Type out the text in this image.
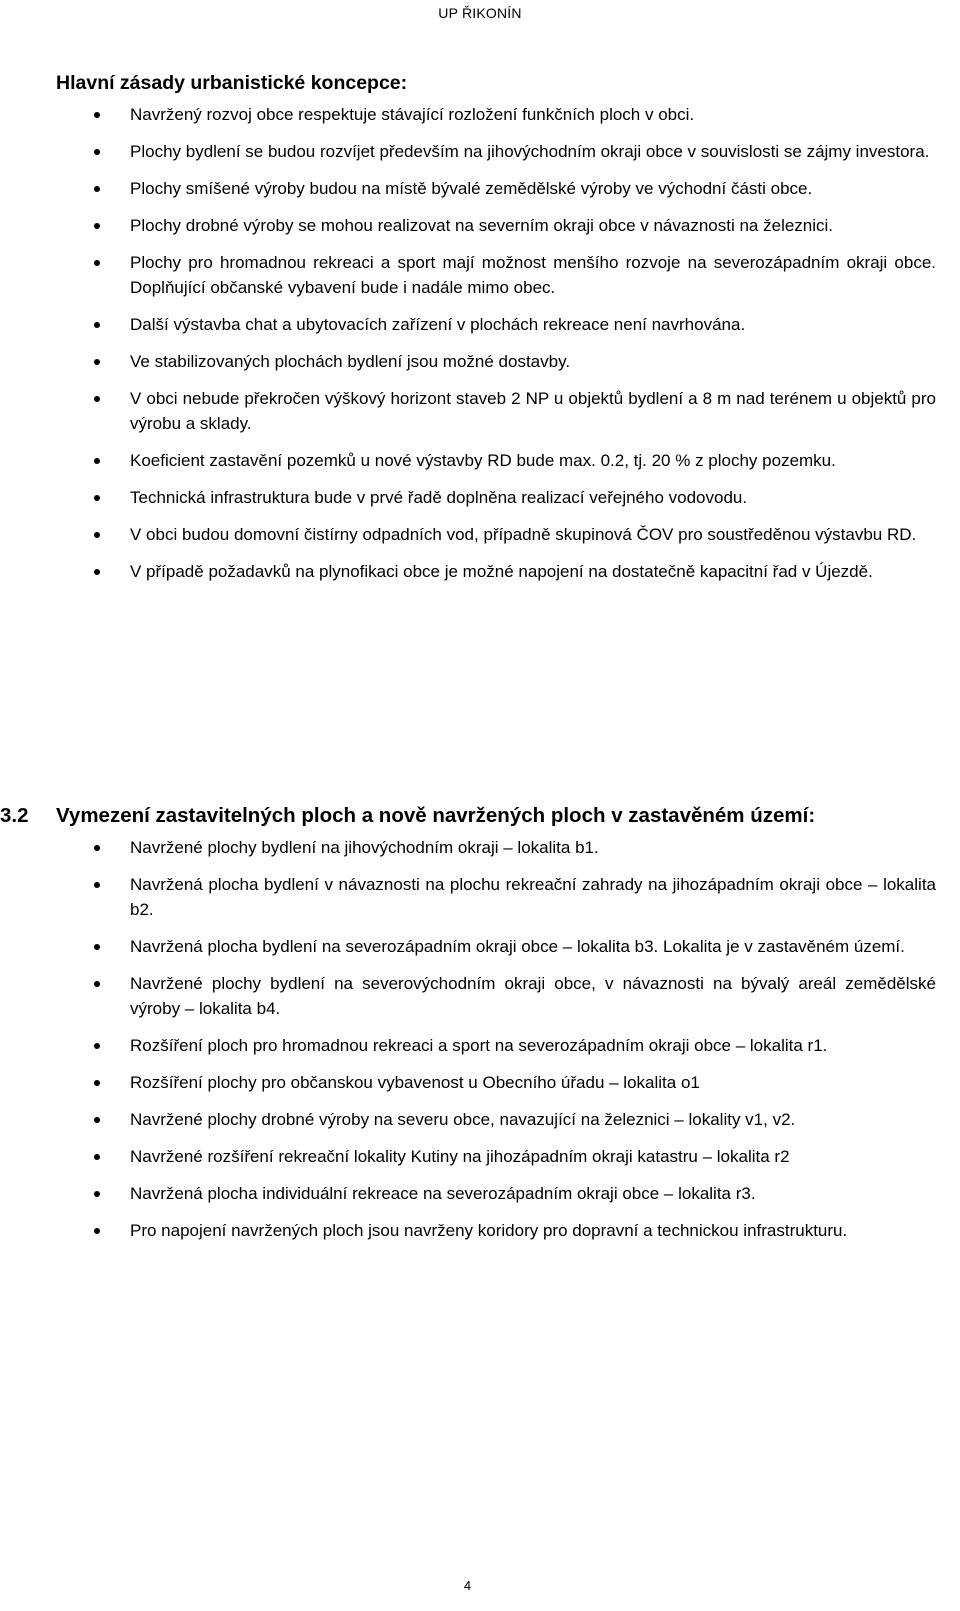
UP ŘIKONÍN
Hlavní zásady urbanistické koncepce:
Navržený rozvoj obce respektuje stávající rozložení funkčních ploch v obci.
Plochy bydlení se budou rozvíjet především na jihovýchodním okraji obce v souvislosti se zájmy investora.
Plochy smíšené výroby budou na místě bývalé zemědělské výroby ve východní části obce.
Plochy drobné výroby se mohou realizovat na severním okraji obce v návaznosti na železnici.
Plochy pro hromadnou rekreaci a sport mají možnost menšího rozvoje na severozápadním okraji obce. Doplňující občanské vybavení bude i nadále mimo obec.
Další výstavba chat a ubytovacích zařízení v plochách rekreace není navrhována.
Ve stabilizovaných plochách bydlení jsou možné dostavby.
V obci nebude překročen výškový horizont staveb 2 NP u objektů bydlení a 8 m nad terénem u objektů pro výrobu a sklady.
Koeficient zastavění pozemků u nové výstavby RD bude max. 0.2, tj. 20 % z plochy pozemku.
Technická infrastruktura bude v prvé řadě doplněna realizací veřejného vodovodu.
V obci budou domovní čistírny odpadních vod, případně skupinová ČOV pro soustředěnou výstavbu RD.
V případě požadavků na plynofikaci obce je možné napojení na dostatečně kapacitní řad v Újezdě.
3.2	Vymezení zastavitelných ploch a nově navržených ploch v zastavěném území:
Navržené plochy bydlení na jihovýchodním okraji – lokalita b1.
Navržená plocha bydlení v návaznosti na plochu rekreační zahrady na jihozápadním okraji obce – lokalita b2.
Navržená plocha bydlení na severozápadním okraji obce – lokalita b3. Lokalita je v zastavěném území.
Navržené plochy bydlení na severovýchodním okraji obce, v návaznosti na bývalý areál zemědělské výroby – lokalita b4.
Rozšíření ploch pro hromadnou rekreaci a sport na severozápadním okraji obce – lokalita r1.
Rozšíření plochy pro občanskou vybavenost u Obecního úřadu – lokalita o1
Navržené plochy drobné výroby na severu obce, navazující na železnici – lokality v1, v2.
Navržené rozšíření rekreační lokality Kutiny na jihozápadním okraji katastru – lokalita r2
Navržená plocha individuální rekreace na severozápadním okraji obce – lokalita r3.
Pro napojení navržených ploch jsou navrženy koridory pro dopravní a technickou infrastrukturu.
4
